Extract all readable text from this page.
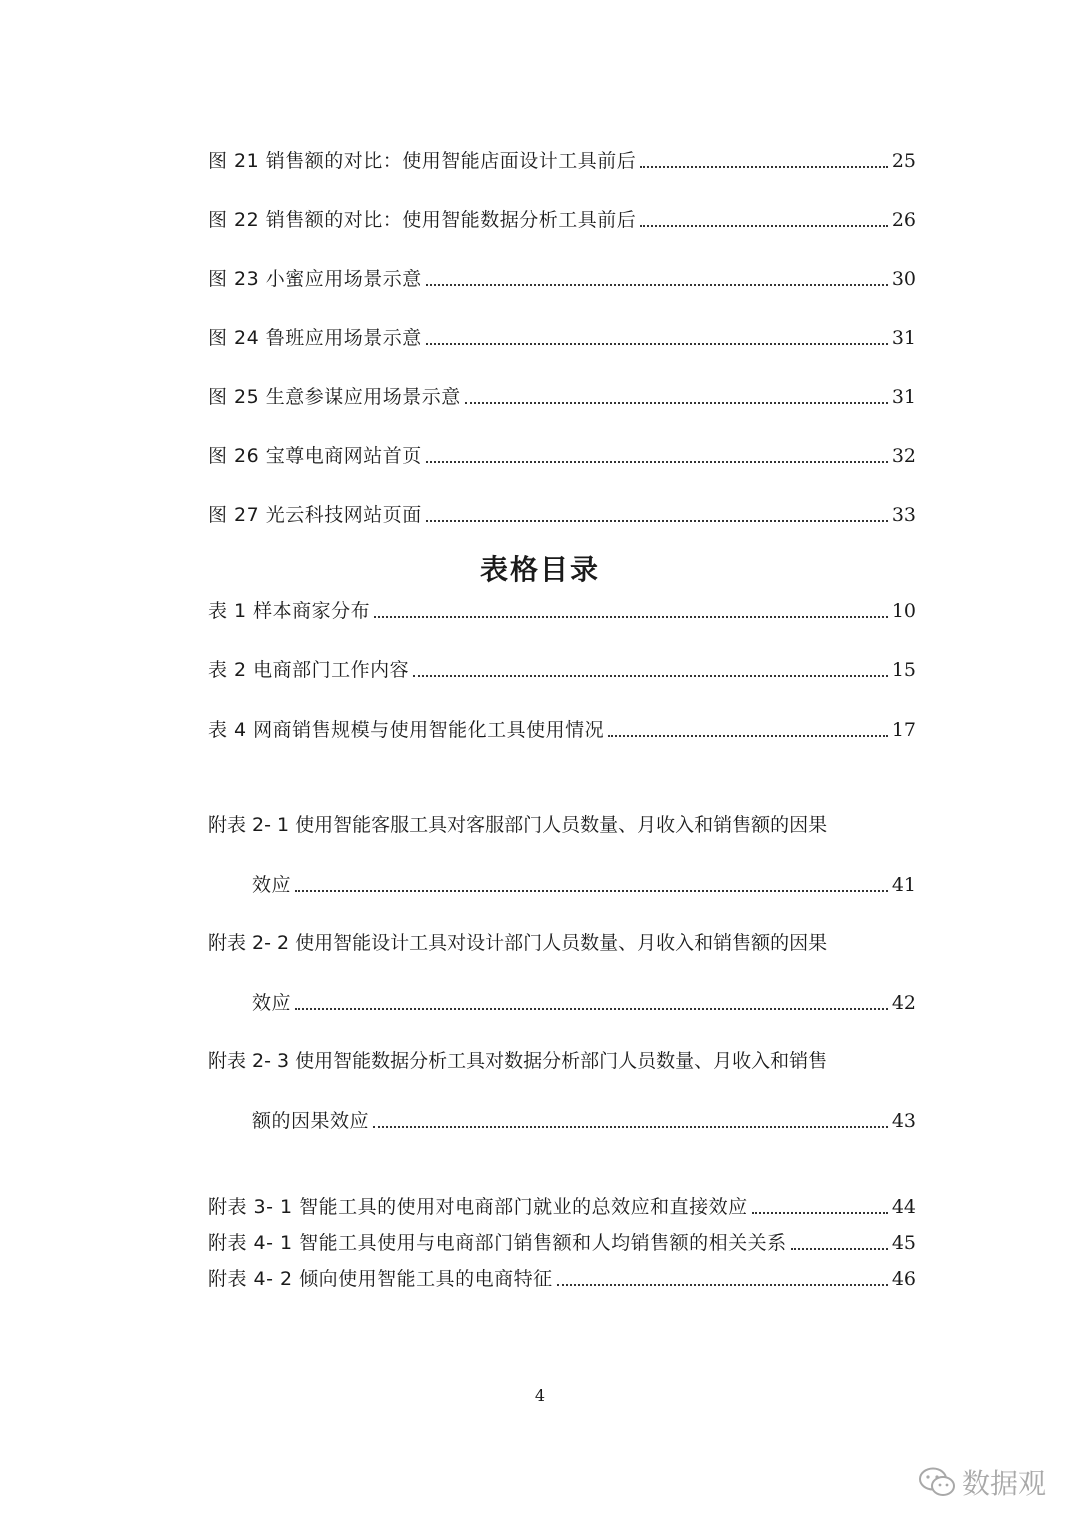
图 21 销售额的对比：使用智能店面设计工具前后	25
图 22 销售额的对比：使用智能数据分析工具前后	26
图 23 小蜜应用场景示意	30
图 24 鲁班应用场景示意	31
图 25 生意参谋应用场景示意	31
图 26 宝尊电商网站首页	32
图 27 光云科技网站页面	33
表格目录
表 1 样本商家分布	10
表 2 电商部门工作内容	15
表 4 网商销售规模与使用智能化工具使用情况	17
附表 2- 1 使用智能客服工具对客服部门人员数量、月收入和销售额的因果
效应	41
附表 2- 2 使用智能设计工具对设计部门人员数量、月收入和销售额的因果
效应	42
附表 2- 3 使用智能数据分析工具对数据分析部门人员数量、月收入和销售
额的因果效应	43
附表 3- 1 智能工具的使用对电商部门就业的总效应和直接效应	44
附表 4- 1 智能工具使用与电商部门销售额和人均销售额的相关关系	45
附表 4- 2 倾向使用智能工具的电商特征	46
4
数据观
